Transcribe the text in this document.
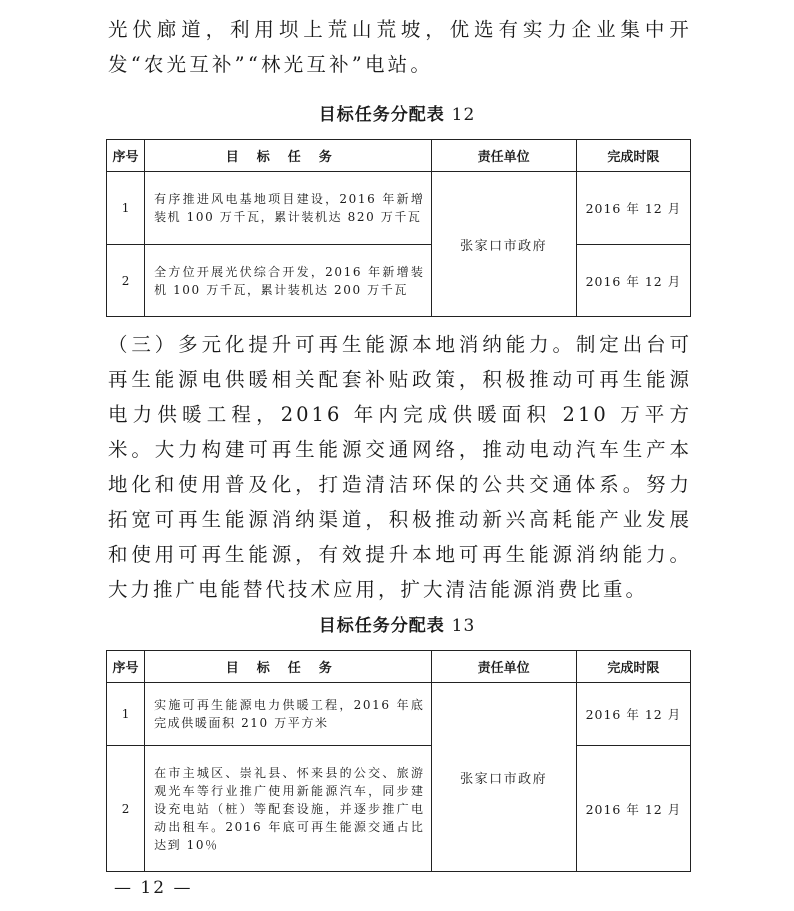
光伏廊道，利用坝上荒山荒坡，优选有实力企业集中开发“农光互补”“林光互补”电站。

目标任务分配表 12
序号	目标任务	责任单位	完成时限
1	有序推进风电基地项目建设，2016 年新增装机 100 万千瓦，累计装机达 820 万千瓦	张家口市政府	2016 年 12 月
2	全方位开展光伏综合开发，2016 年新增装机 100 万千瓦，累计装机达 200 万千瓦		2016 年 12 月

（三）多元化提升可再生能源本地消纳能力。制定出台可再生能源电供暖相关配套补贴政策，积极推动可再生能源电力供暖工程，2016 年内完成供暖面积 210 万平方米。大力构建可再生能源交通网络，推动电动汽车生产本地化和使用普及化，打造清洁环保的公共交通体系。努力拓宽可再生能源消纳渠道，积极推动新兴高耗能产业发展和使用可再生能源，有效提升本地可再生能源消纳能力。大力推广电能替代技术应用，扩大清洁能源消费比重。

目标任务分配表 13
序号	目标任务	责任单位	完成时限
1	实施可再生能源电力供暖工程，2016 年底完成供暖面积 210 万平方米	张家口市政府	2016 年 12 月
2	在市主城区、崇礼县、怀来县的公交、旅游观光车等行业推广使用新能源汽车，同步建设充电站（桩）等配套设施，并逐步推广电动出租车。2016 年底可再生能源交通占比达到 10％		2016 年 12 月
— 12 —
